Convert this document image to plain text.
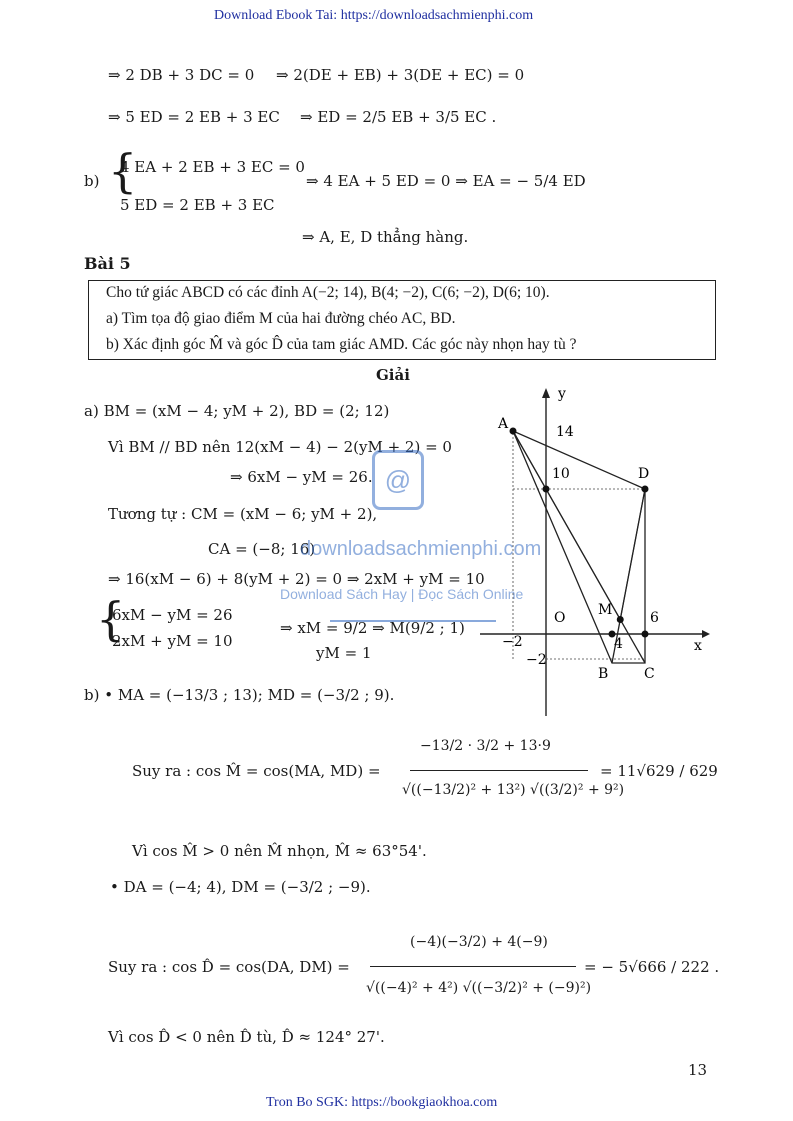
Download Ebook Tai: https://downloadsachmienphi.com
Tron Bo SGK: https://bookgiaokhoa.com
13
⇒ 2 DB + 3 DC = 0 ⇒ 2(DE + EB) + 3(DE + EC) = 0
⇒ 5 ED = 2 EB + 3 EC ⇒ ED = 2/5 EB + 3/5 EC .
b) {
4 EA + 2 EB + 3 EC = 0
5 ED = 2 EB + 3 EC
⇒ 4 EA + 5 ED = 0 ⇒ EA = − 5/4 ED
⇒ A, E, D thẳng hàng.
Bài 5
Cho tứ giác ABCD có các đỉnh A(−2; 14), B(4; −2), C(6; −2), D(6; 10).
a) Tìm tọa độ giao điểm M của hai đường chéo AC, BD.
b) Xác định góc M̂ và góc D̂ của tam giác AMD. Các góc này nhọn hay tù ?
Giải
a) BM = (xM − 4; yM + 2), BD = (2; 12)
Vì BM // BD nên 12(xM − 4) − 2(yM + 2) = 0
⇒ 6xM − yM = 26.
Tương tự : CM = (xM − 6; yM + 2),
CA = (−8; 16)
⇒ 16(xM − 6) + 8(yM + 2) = 0 ⇒ 2xM + yM = 10
{
6xM − yM = 26
2xM + yM = 10
⇒ xM = 9/2 ⇒ M(9/2 ; 1)
yM = 1
b) • MA = (−13/3 ; 13); MD = (−3/2 ; 9).
Suy ra : cos M̂ = cos(MA, MD) =
−13/2 · 3/2 + 13·9
√((−13/2)² + 13²) √((3/2)² + 9²)
= 11√629 / 629
Vì cos M̂ > 0 nên M̂ nhọn, M̂ ≈ 63°54'.
• DA = (−4; 4), DM = (−3/2 ; −9).
Suy ra : cos D̂ = cos(DA, DM) =
(−4)(−3/2) + 4(−9)
√((−4)² + 4²) √((−3/2)² + (−9)²)
= − 5√666 / 222 .
Vì cos D̂ < 0 nên D̂ tù, D̂ ≈ 124° 27'.
x
y
O
A
B	C
D
M
14
10
6
4
−2
−2
@
downloadsachmienphi.com
Download Sách Hay | Đọc Sách Online
